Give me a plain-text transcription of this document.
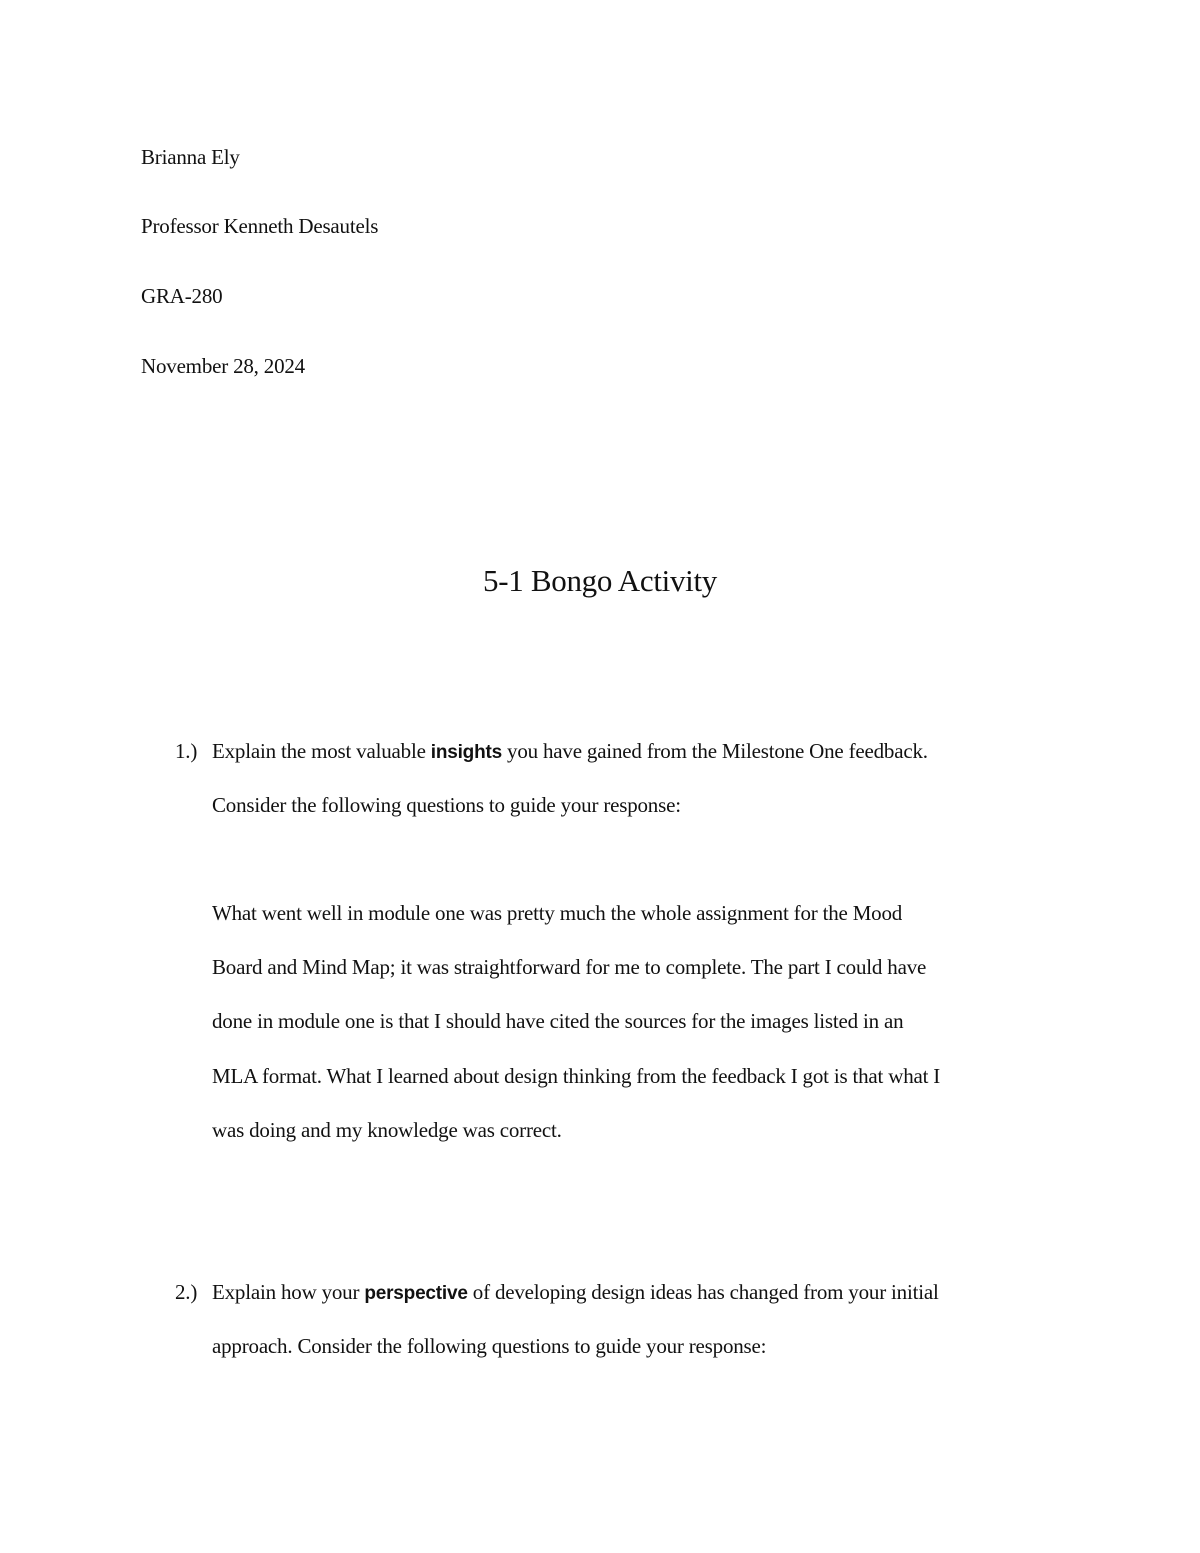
Brianna Ely
Professor Kenneth Desautels
GRA-280
November 28, 2024
5-1 Bongo Activity
1.) Explain the most valuable insights you have gained from the Milestone One feedback.
Consider the following questions to guide your response:
What went well in module one was pretty much the whole assignment for the Mood
Board and Mind Map; it was straightforward for me to complete. The part I could have
done in module one is that I should have cited the sources for the images listed in an
MLA format. What I learned about design thinking from the feedback I got is that what I
was doing and my knowledge was correct.
2.) Explain how your perspective of developing design ideas has changed from your initial
approach. Consider the following questions to guide your response:
